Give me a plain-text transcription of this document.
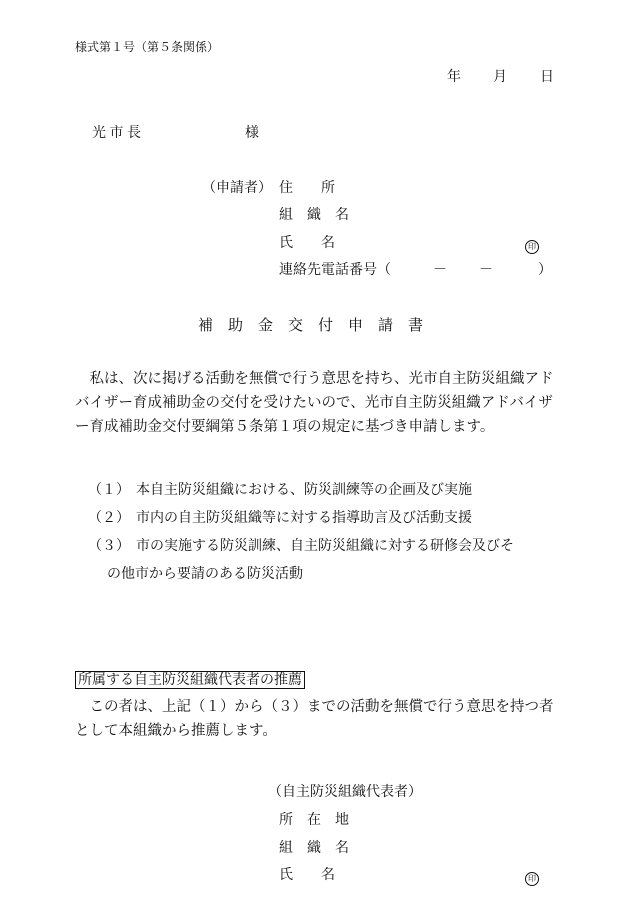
様式第１号（第５条関係）
年 月 日
光市長	様
（申請者） 住　　所
組　織　名
氏　　名	印
連絡先電話番号（	－ －	）
補　助　金　交　付　申　請　書
私は、次に掲げる活動を無償で行う意思を持ち、光市自主防災組織アドバイザー育成補助金の交付を受けたいので、光市自主防災組織アドバイザー育成補助金交付要綱第５条第１項の規定に基づき申請します。
（１） 本自主防災組織における、防災訓練等の企画及び実施
（２） 市内の自主防災組織等に対する指導助言及び活動支援
（３） 市の実施する防災訓練、自主防災組織に対する研修会及びそ
の他市から要請のある防災活動
所属する自主防災組織代表者の推薦
この者は、上記（１）から（３）までの活動を無償で行う意思を持つ者として本組織から推薦します。
（自主防災組織代表者）
所　在　地
組　織　名
氏　　名	印
